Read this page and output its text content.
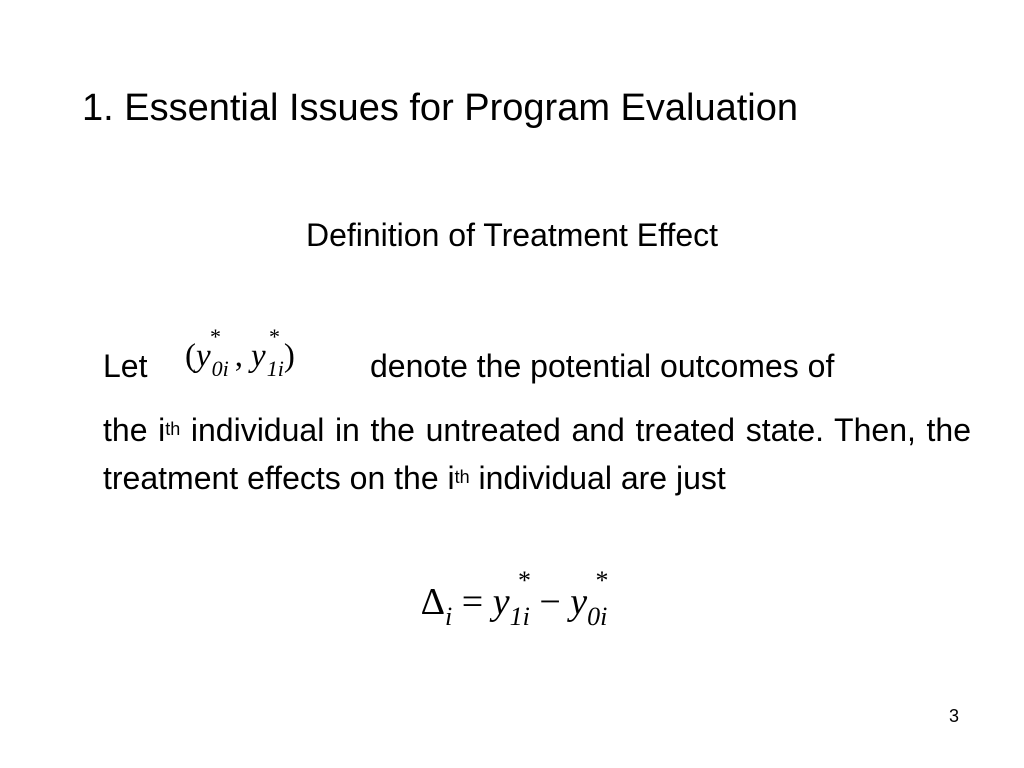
1. Essential Issues for Program Evaluation
Definition of Treatment Effect
Let (y
*
$_{0i}$ , y
*
$_{1i}$) denote the potential outcomes of
the $i^{th}$ individual in the untreated and treated state. Then, the treatment effects on the $i^{th}$ individual are just
$\Delta_i = y$
*
$_{1i}$ − y
*
$_{0i}$
3
